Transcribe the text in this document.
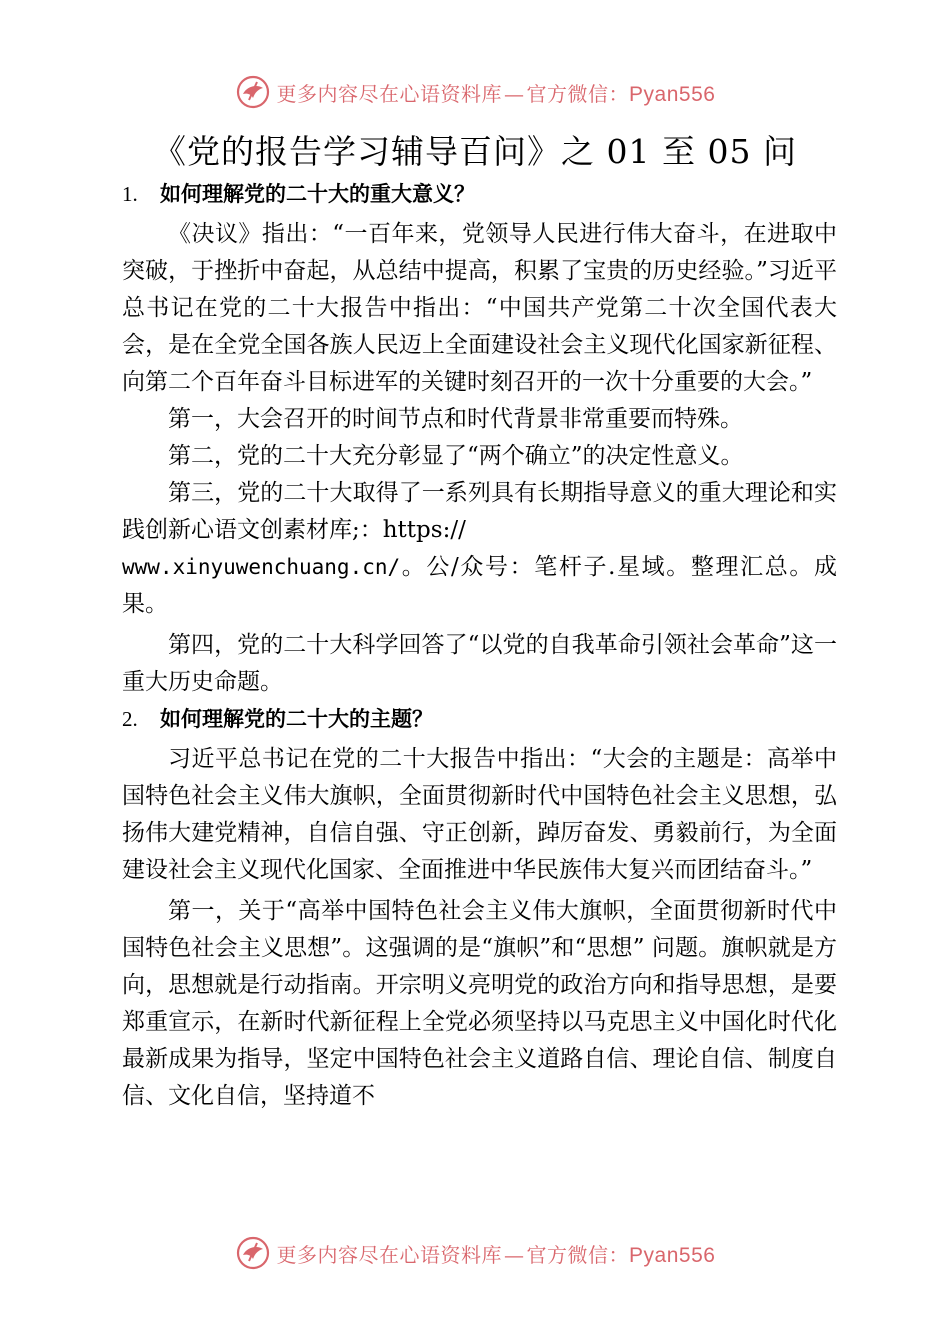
更多内容尽在心语资料库 — 官方微信：Pyan556
《党的报告学习辅导百问》之 01 至 05 问

1. 如何理解党的二十大的重大意义？

《决议》指出：“一百年来，党领导人民进行伟大奋斗，在进取中突破，于挫折中奋起，从总结中提高，积累了宝贵的历史经验。”习近平总书记在党的二十大报告中指出：“中国共产党第二十次全国代表大会，是在全党全国各族人民迈上全面建设社会主义现代化国家新征程、向第二个百年奋斗目标进军的关键时刻召开的一次十分重要的大会。”

第一，大会召开的时间节点和时代背景非常重要而特殊。

第二，党的二十大充分彰显了“两个确立”的决定性意义。

第三，党的二十大取得了一系列具有长期指导意义的重大理论和实践创新心语文创素材库;：https://
www.xinyuwenchuang.cn/。公/众号：笔杆子.星域。整理汇总。成果。

第四，党的二十大科学回答了“以党的自我革命引领社会革命”这一重大历史命题。

2. 如何理解党的二十大的主题？

习近平总书记在党的二十大报告中指出：“大会的主题是：高举中国特色社会主义伟大旗帜，全面贯彻新时代中国特色社会主义思想，弘扬伟大建党精神，自信自强、守正创新，踔厉奋发、勇毅前行，为全面建设社会主义现代化国家、全面推进中华民族伟大复兴而团结奋斗。”

第一，关于“高举中国特色社会主义伟大旗帜，全面贯彻新时代中国特色社会主义思想”。这强调的是“旗帜”和“思想” 问题。旗帜就是方向，思想就是行动指南。开宗明义亮明党的政治方向和指导思想，是要郑重宣示，在新时代新征程上全党必须坚持以马克思主义中国化时代化最新成果为指导，坚定中国特色社会主义道路自信、理论自信、制度自信、文化自信，坚持道不

更多内容尽在心语资料库 — 官方微信：Pyan556
